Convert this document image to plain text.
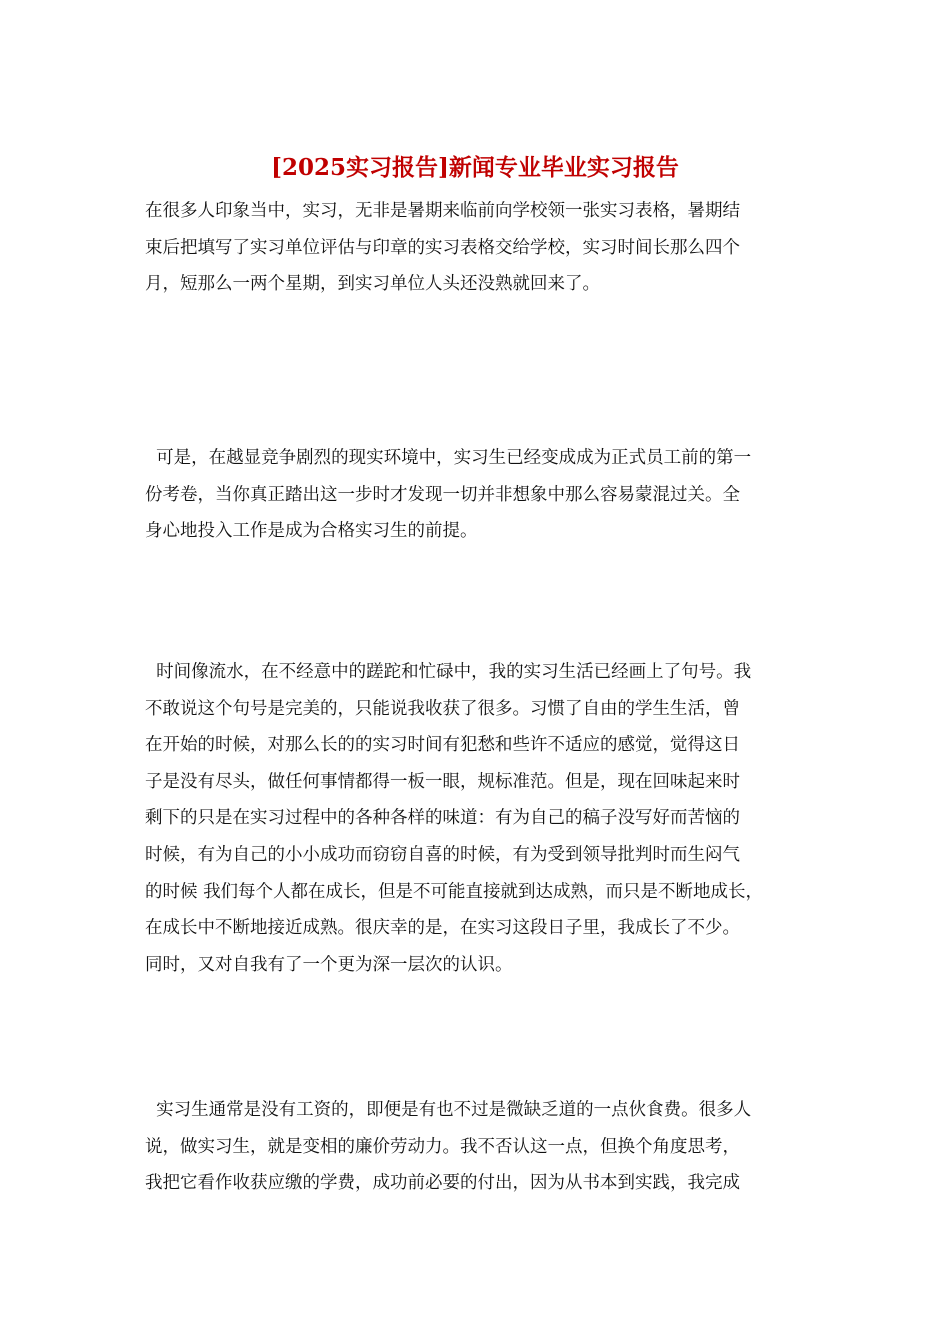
[2025实习报告]新闻专业毕业实习报告
在很多人印象当中，实习，无非是暑期来临前向学校领一张实习表格，暑期结
束后把填写了实习单位评估与印章的实习表格交给学校，实习时间长那么四个
月，短那么一两个星期，到实习单位人头还没熟就回来了。
可是，在越显竞争剧烈的现实环境中，实习生已经变成成为正式员工前的第一
份考卷，当你真正踏出这一步时才发现一切并非想象中那么容易蒙混过关。全
身心地投入工作是成为合格实习生的前提。
时间像流水，在不经意中的蹉跎和忙碌中，我的实习生活已经画上了句号。我
不敢说这个句号是完美的，只能说我收获了很多。习惯了自由的学生生活，曾
在开始的时候，对那么长的的实习时间有犯愁和些许不适应的感觉，觉得这日
子是没有尽头，做任何事情都得一板一眼，规标准范。但是，现在回味起来时
剩下的只是在实习过程中的各种各样的味道：有为自己的稿子没写好而苦恼的
时候，有为自己的小小成功而窃窃自喜的时候，有为受到领导批判时而生闷气
的时候 我们每个人都在成长，但是不可能直接就到达成熟，而只是不断地成长，
在成长中不断地接近成熟。很庆幸的是，在实习这段日子里，我成长了不少。
同时，又对自我有了一个更为深一层次的认识。
实习生通常是没有工资的，即便是有也不过是微缺乏道的一点伙食费。很多人
说，做实习生，就是变相的廉价劳动力。我不否认这一点，但换个角度思考，
我把它看作收获应缴的学费，成功前必要的付出，因为从书本到实践，我完成
